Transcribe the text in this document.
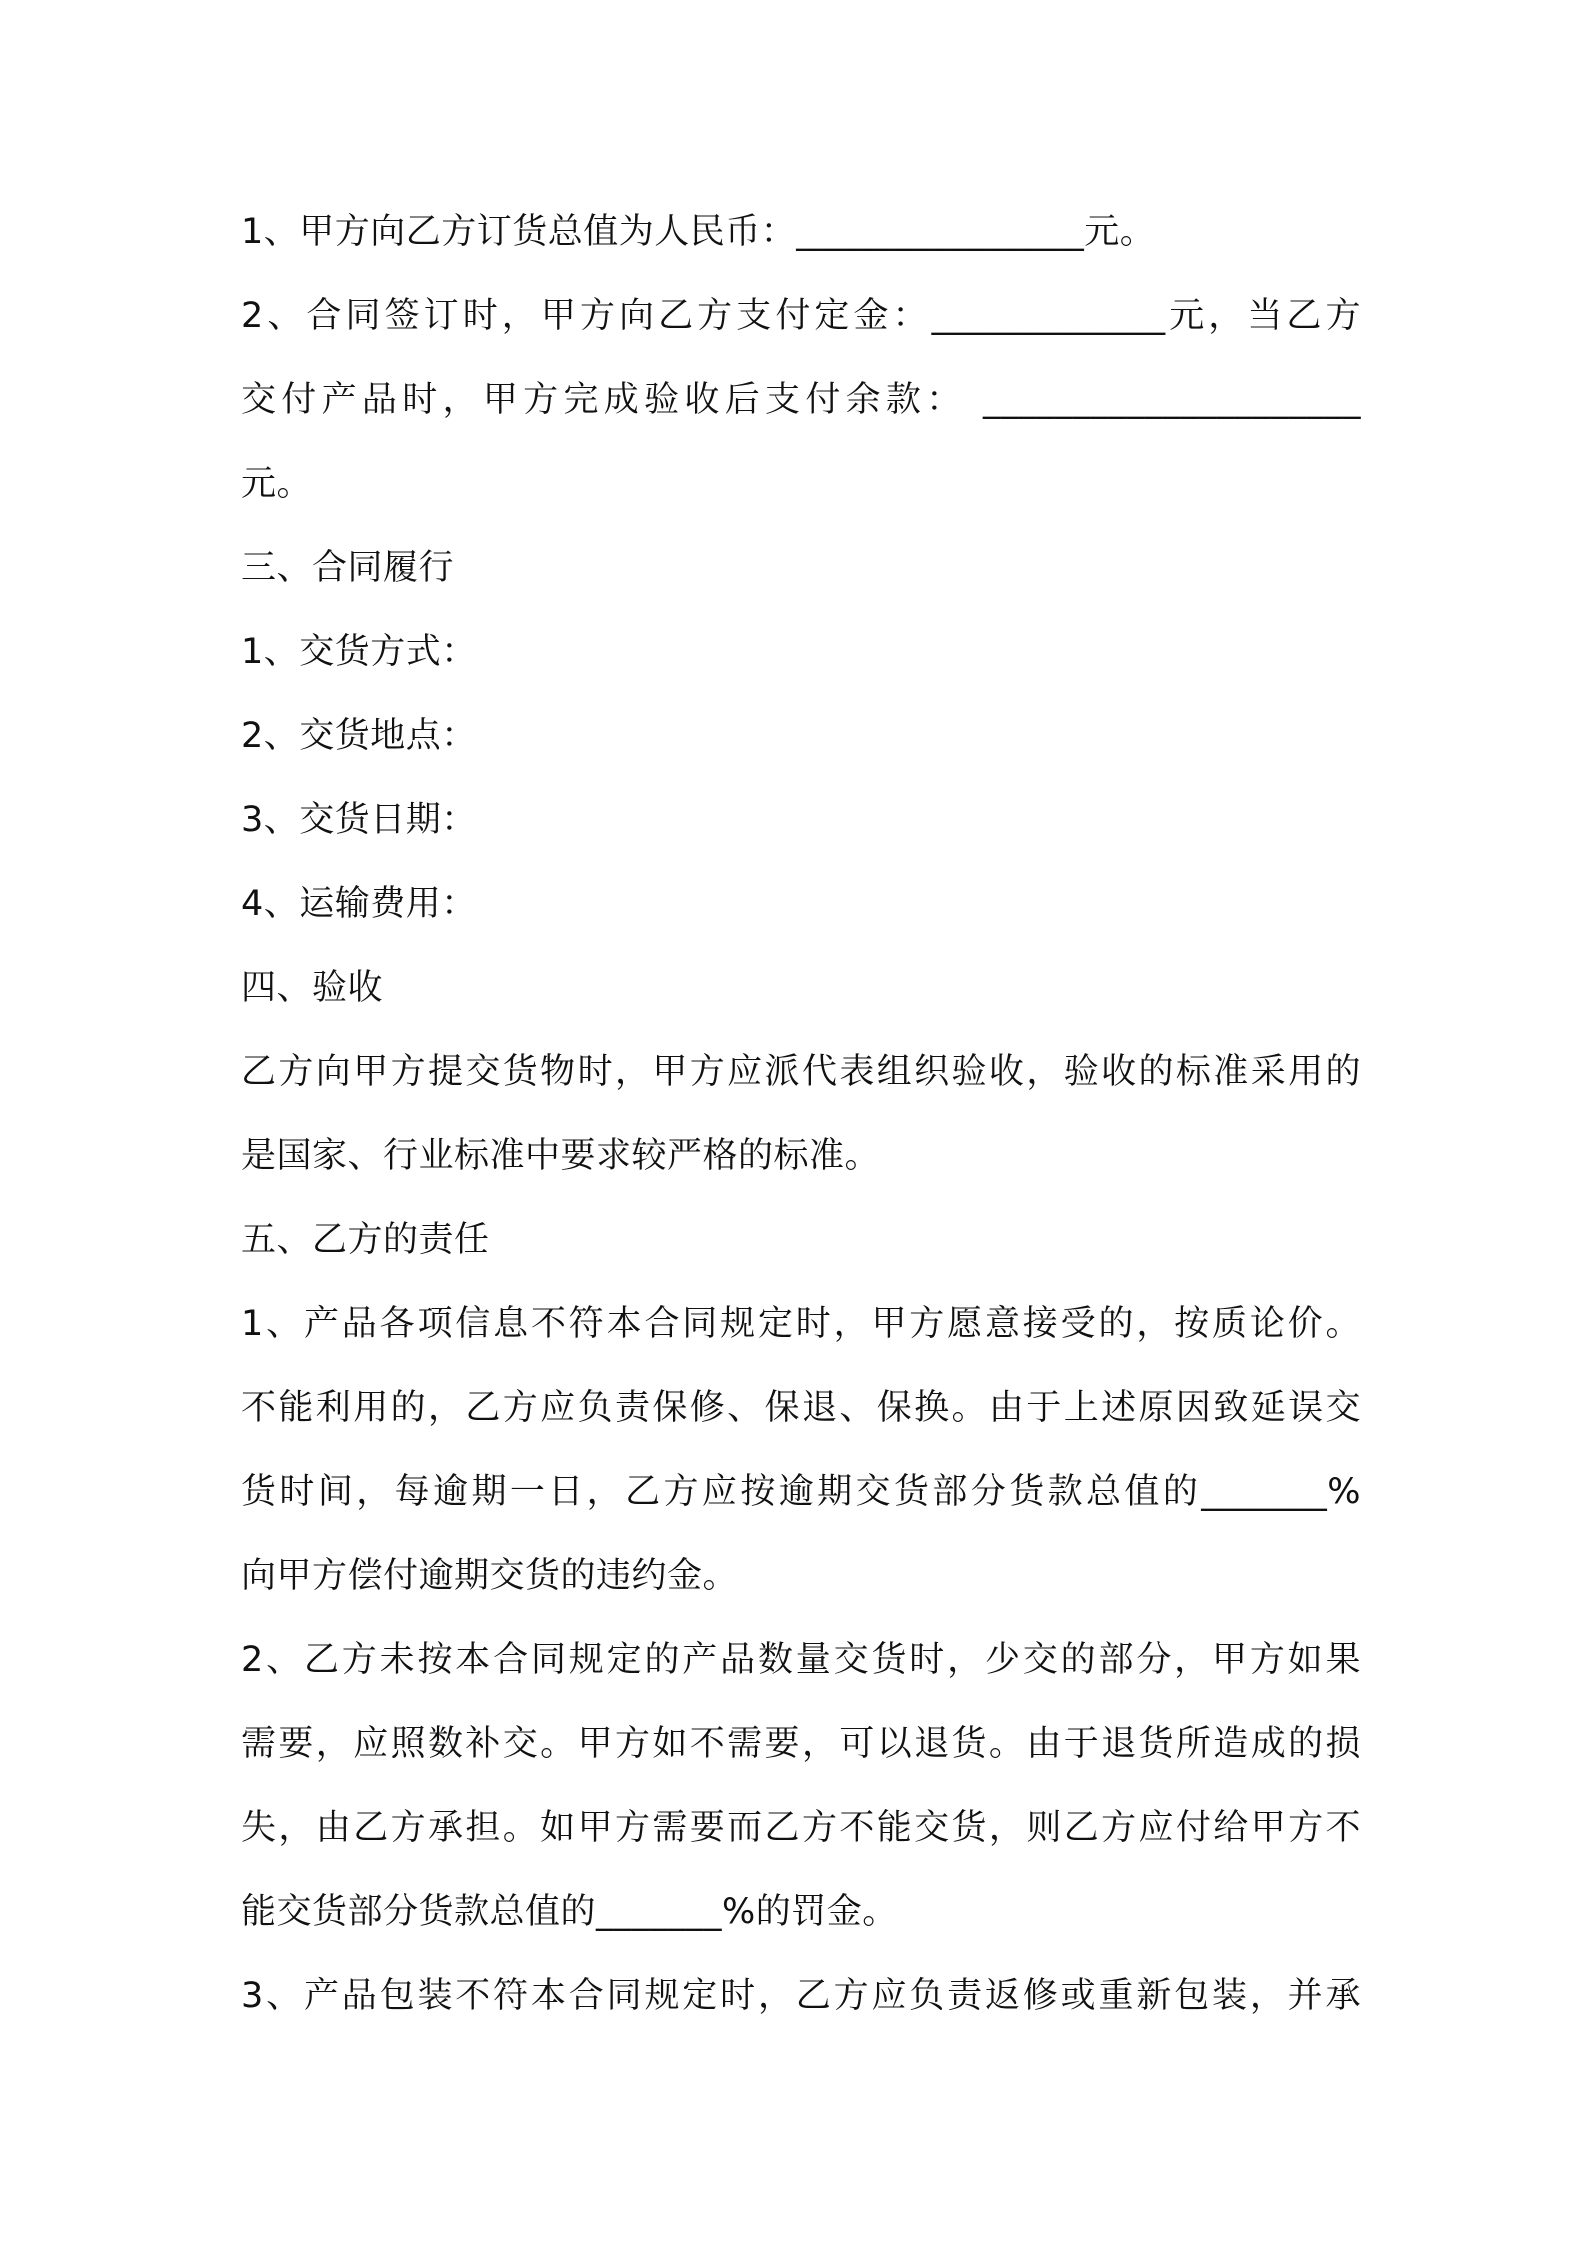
1、甲方向乙方订货总值为人民币：________________元。
2、合同签订时，甲方向乙方支付定金：_____________元，当乙方
交付产品时，甲方完成验收后支付余款： _____________________
元。
三、合同履行
1、交货方式：
2、交货地点：
3、交货日期：
4、运输费用：
四、验收
乙方向甲方提交货物时，甲方应派代表组织验收，验收的标准采用的
是国家、行业标准中要求较严格的标准。
五、乙方的责任
1、产品各项信息不符本合同规定时，甲方愿意接受的，按质论价。
不能利用的，乙方应负责保修、保退、保换。由于上述原因致延误交
货时间，每逾期一日，乙方应按逾期交货部分货款总值的_______%
向甲方偿付逾期交货的违约金。
2、乙方未按本合同规定的产品数量交货时，少交的部分，甲方如果
需要，应照数补交。甲方如不需要，可以退货。由于退货所造成的损
失，由乙方承担。如甲方需要而乙方不能交货，则乙方应付给甲方不
能交货部分货款总值的_______%的罚金。
3、产品包装不符本合同规定时，乙方应负责返修或重新包装，并承
